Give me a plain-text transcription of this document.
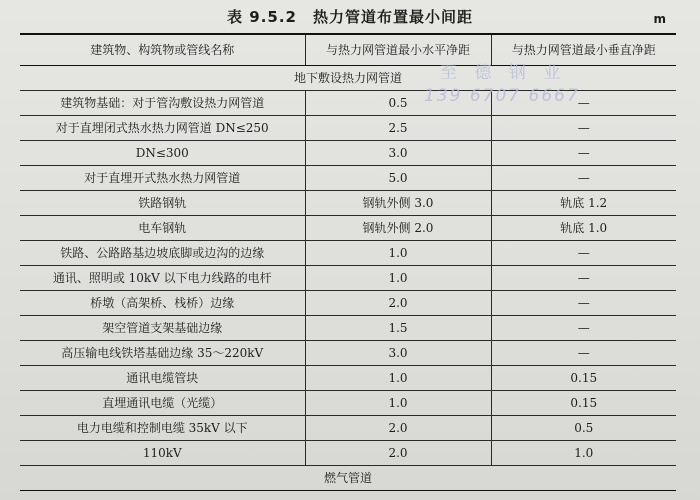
表 9.5.2　热力管道布置最小间距	m
建筑物、构筑物或管线名称	与热力网管道最小水平净距	与热力网管道最小垂直净距
地下敷设热力网管道		
建筑物基础：对于管沟敷设热力网管道	0.5	—
对于直埋闭式热水热力网管道 DN≤250	2.5	—
DN≤300	3.0	—
对于直埋开式热水热力网管道	5.0	—
铁路钢轨	钢轨外侧 3.0	轨底 1.2
电车钢轨	钢轨外侧 2.0	轨底 1.0
铁路、公路路基边坡底脚或边沟的边缘	1.0	—
通讯、照明或 10kV 以下电力线路的电杆	1.0	—
桥墩（高架桥、栈桥）边缘	2.0	—
架空管道支架基础边缘	1.5	—
高压输电线铁塔基础边缘 35～220kV	3.0	—
通讯电缆管块	1.0	0.15
直埋通讯电缆（光缆）	1.0	0.15
电力电缆和控制电缆 35kV 以下	2.0	0.5
110kV	2.0	1.0
燃气管道		
至 德 钢 业
139 6707 6667
